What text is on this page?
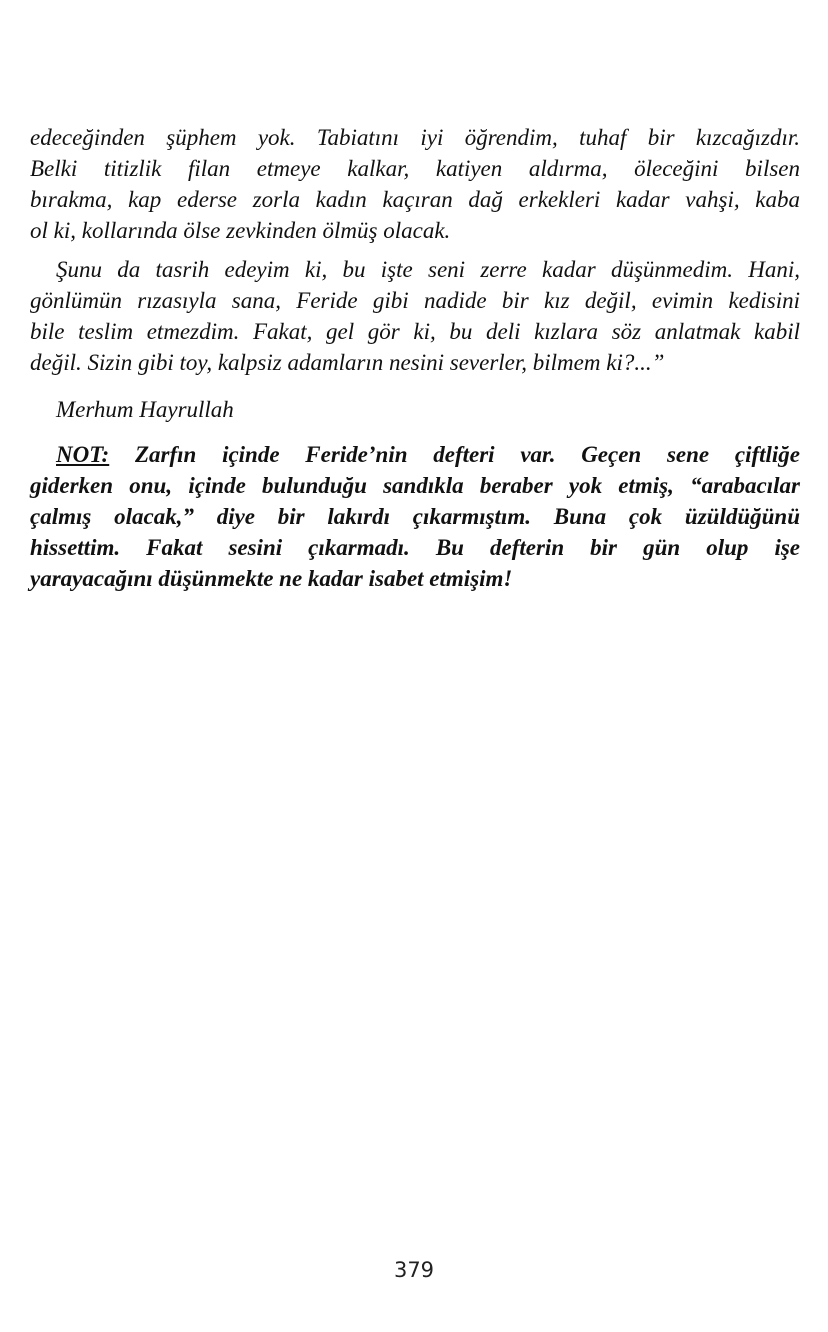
edeceğinden şüphem yok. Tabiatını iyi öğrendim, tuhaf bir kızcağızdır.
Belki titizlik filan etmeye kalkar, katiyen aldırma, öleceğini bilsen
bırakma, kap ederse zorla kadın kaçıran dağ erkekleri kadar vahşi, kaba
ol ki, kollarında ölse zevkinden ölmüş olacak.
Şunu da tasrih edeyim ki, bu işte seni zerre kadar düşünmedim. Hani,
gönlümün rızasıyla sana, Feride gibi nadide bir kız değil, evimin kedisini
bile teslim etmezdim. Fakat, gel gör ki, bu deli kızlara söz anlatmak kabil
değil. Sizin gibi toy, kalpsiz adamların nesini severler, bilmem ki?...”
Merhum Hayrullah
NOT: Zarfın içinde Feride’nin defteri var. Geçen sene çiftliğe
giderken onu, içinde bulunduğu sandıkla beraber yok etmiş, “arabacılar
çalmış olacak,” diye bir lakırdı çıkarmıştım. Buna çok üzüldüğünü
hissettim. Fakat sesini çıkarmadı. Bu defterin bir gün olup işe
yarayacağını düşünmekte ne kadar isabet etmişim!
379
